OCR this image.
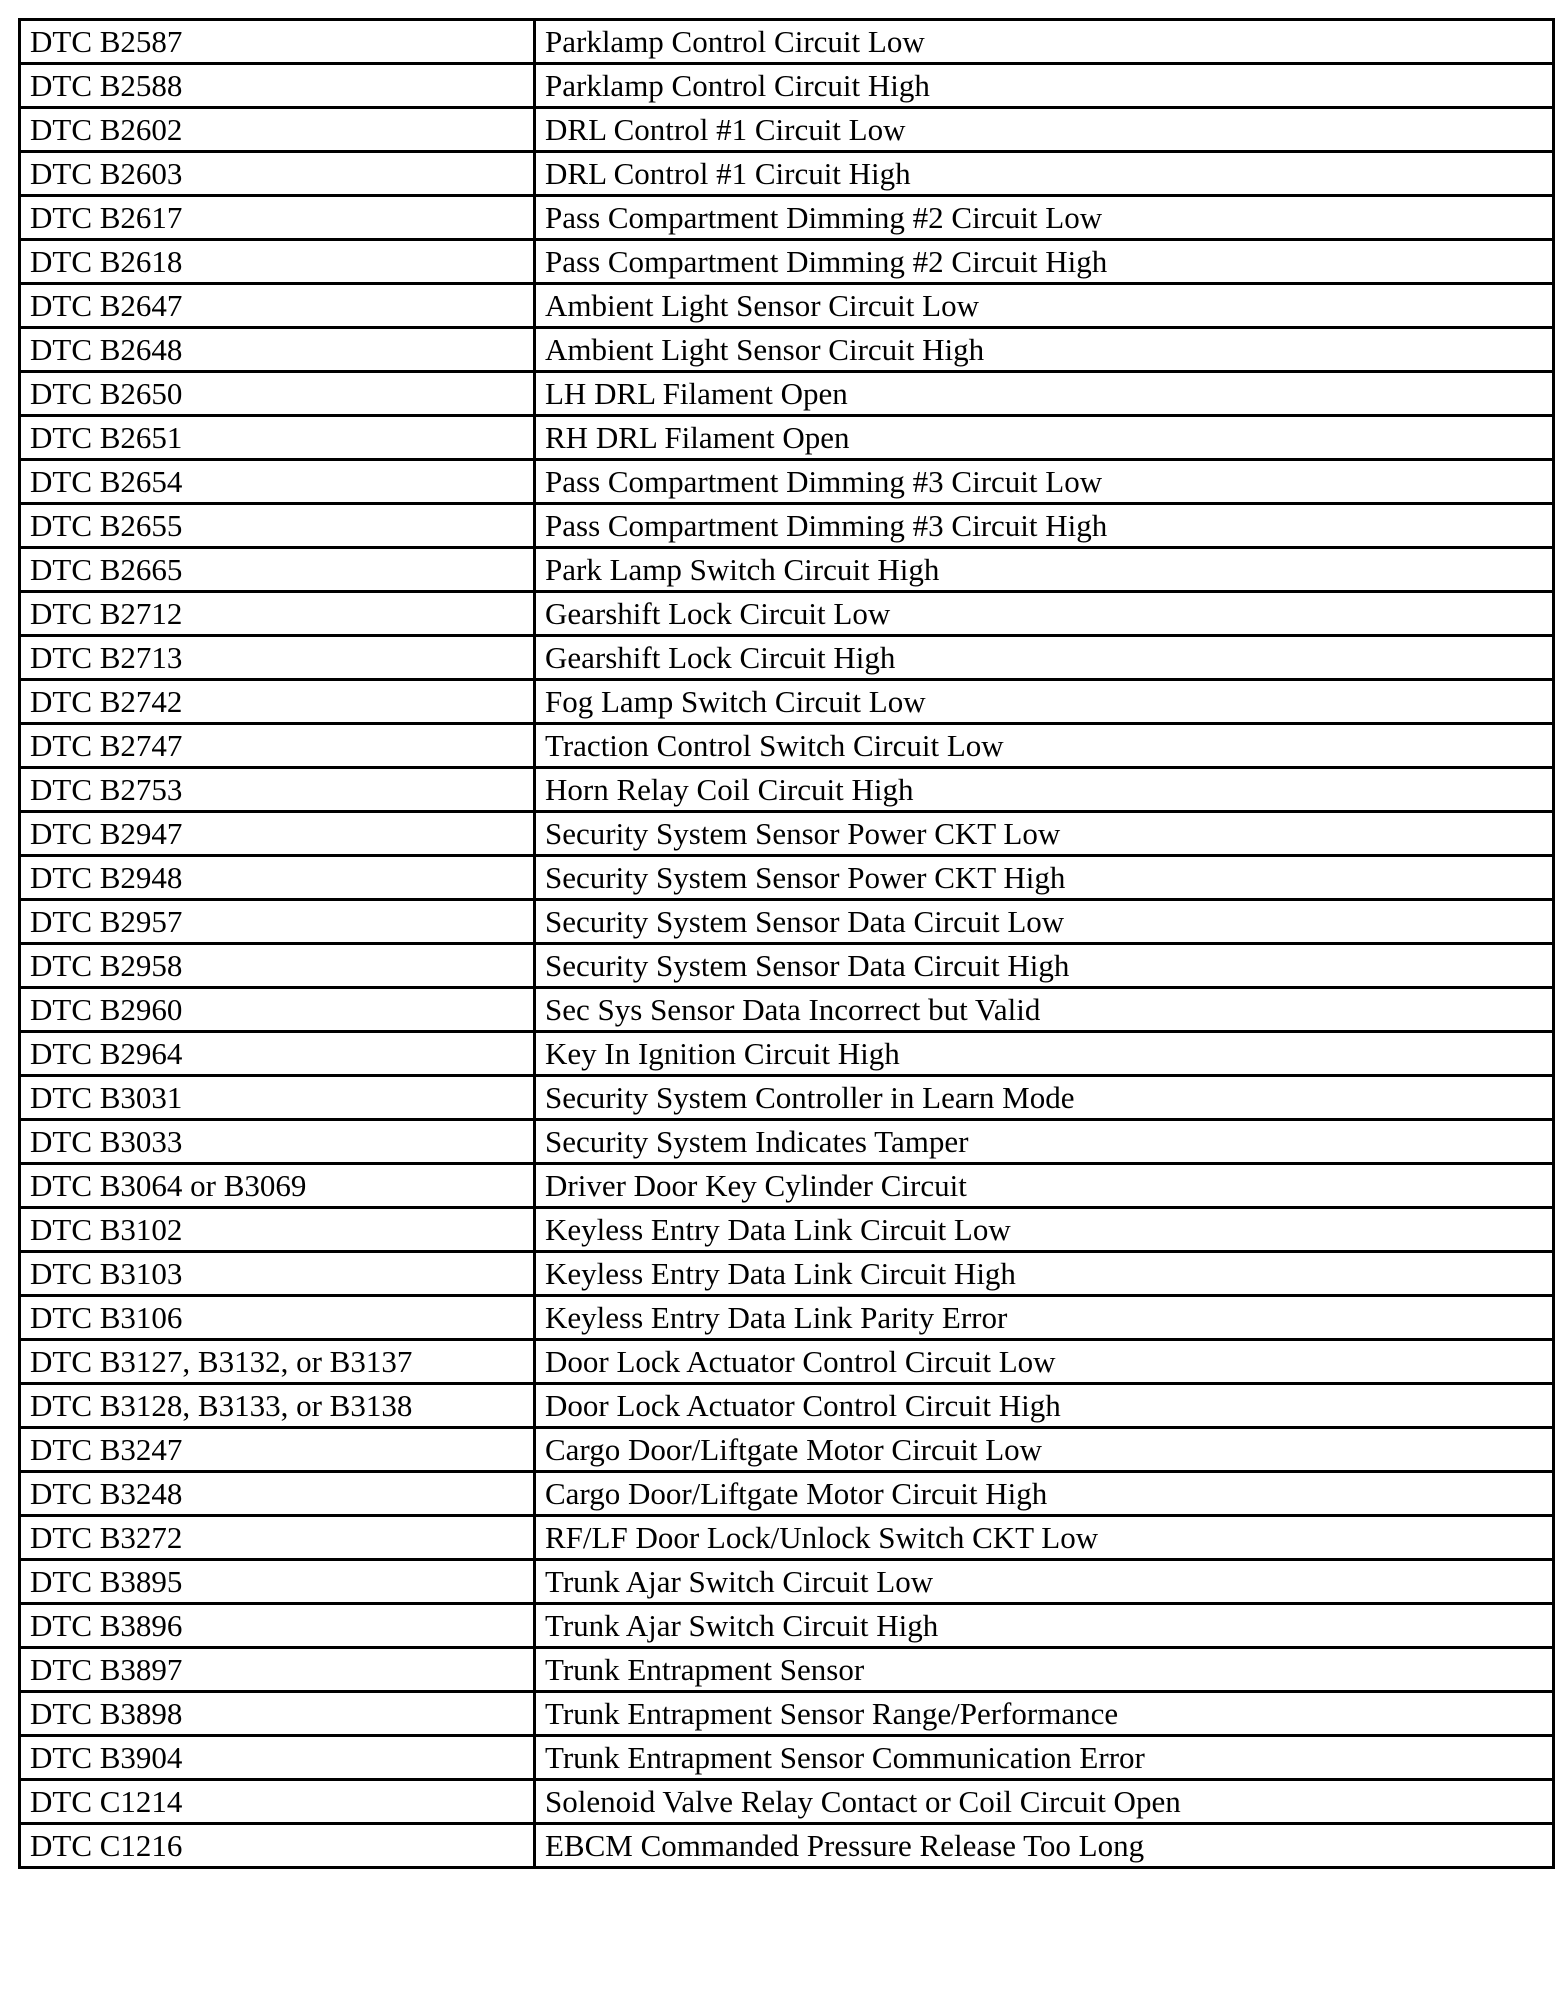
DTC B2587	Parklamp Control Circuit Low
DTC B2588	Parklamp Control Circuit High
DTC B2602	DRL Control #1 Circuit Low
DTC B2603	DRL Control #1 Circuit High
DTC B2617	Pass Compartment Dimming #2 Circuit Low
DTC B2618	Pass Compartment Dimming #2 Circuit High
DTC B2647	Ambient Light Sensor Circuit Low
DTC B2648	Ambient Light Sensor Circuit High
DTC B2650	LH DRL Filament Open
DTC B2651	RH DRL Filament Open
DTC B2654	Pass Compartment Dimming #3 Circuit Low
DTC B2655	Pass Compartment Dimming #3 Circuit High
DTC B2665	Park Lamp Switch Circuit High
DTC B2712	Gearshift Lock Circuit Low
DTC B2713	Gearshift Lock Circuit High
DTC B2742	Fog Lamp Switch Circuit Low
DTC B2747	Traction Control Switch Circuit Low
DTC B2753	Horn Relay Coil Circuit High
DTC B2947	Security System Sensor Power CKT Low
DTC B2948	Security System Sensor Power CKT High
DTC B2957	Security System Sensor Data Circuit Low
DTC B2958	Security System Sensor Data Circuit High
DTC B2960	Sec Sys Sensor Data Incorrect but Valid
DTC B2964	Key In Ignition Circuit High
DTC B3031	Security System Controller in Learn Mode
DTC B3033	Security System Indicates Tamper
DTC B3064 or B3069	Driver Door Key Cylinder Circuit
DTC B3102	Keyless Entry Data Link Circuit Low
DTC B3103	Keyless Entry Data Link Circuit High
DTC B3106	Keyless Entry Data Link Parity Error
DTC B3127, B3132, or B3137	Door Lock Actuator Control Circuit Low
DTC B3128, B3133, or B3138	Door Lock Actuator Control Circuit High
DTC B3247	Cargo Door/Liftgate Motor Circuit Low
DTC B3248	Cargo Door/Liftgate Motor Circuit High
DTC B3272	RF/LF Door Lock/Unlock Switch CKT Low
DTC B3895	Trunk Ajar Switch Circuit Low
DTC B3896	Trunk Ajar Switch Circuit High
DTC B3897	Trunk Entrapment Sensor
DTC B3898	Trunk Entrapment Sensor Range/Performance
DTC B3904	Trunk Entrapment Sensor Communication Error
DTC C1214	Solenoid Valve Relay Contact or Coil Circuit Open
DTC C1216	EBCM Commanded Pressure Release Too Long
